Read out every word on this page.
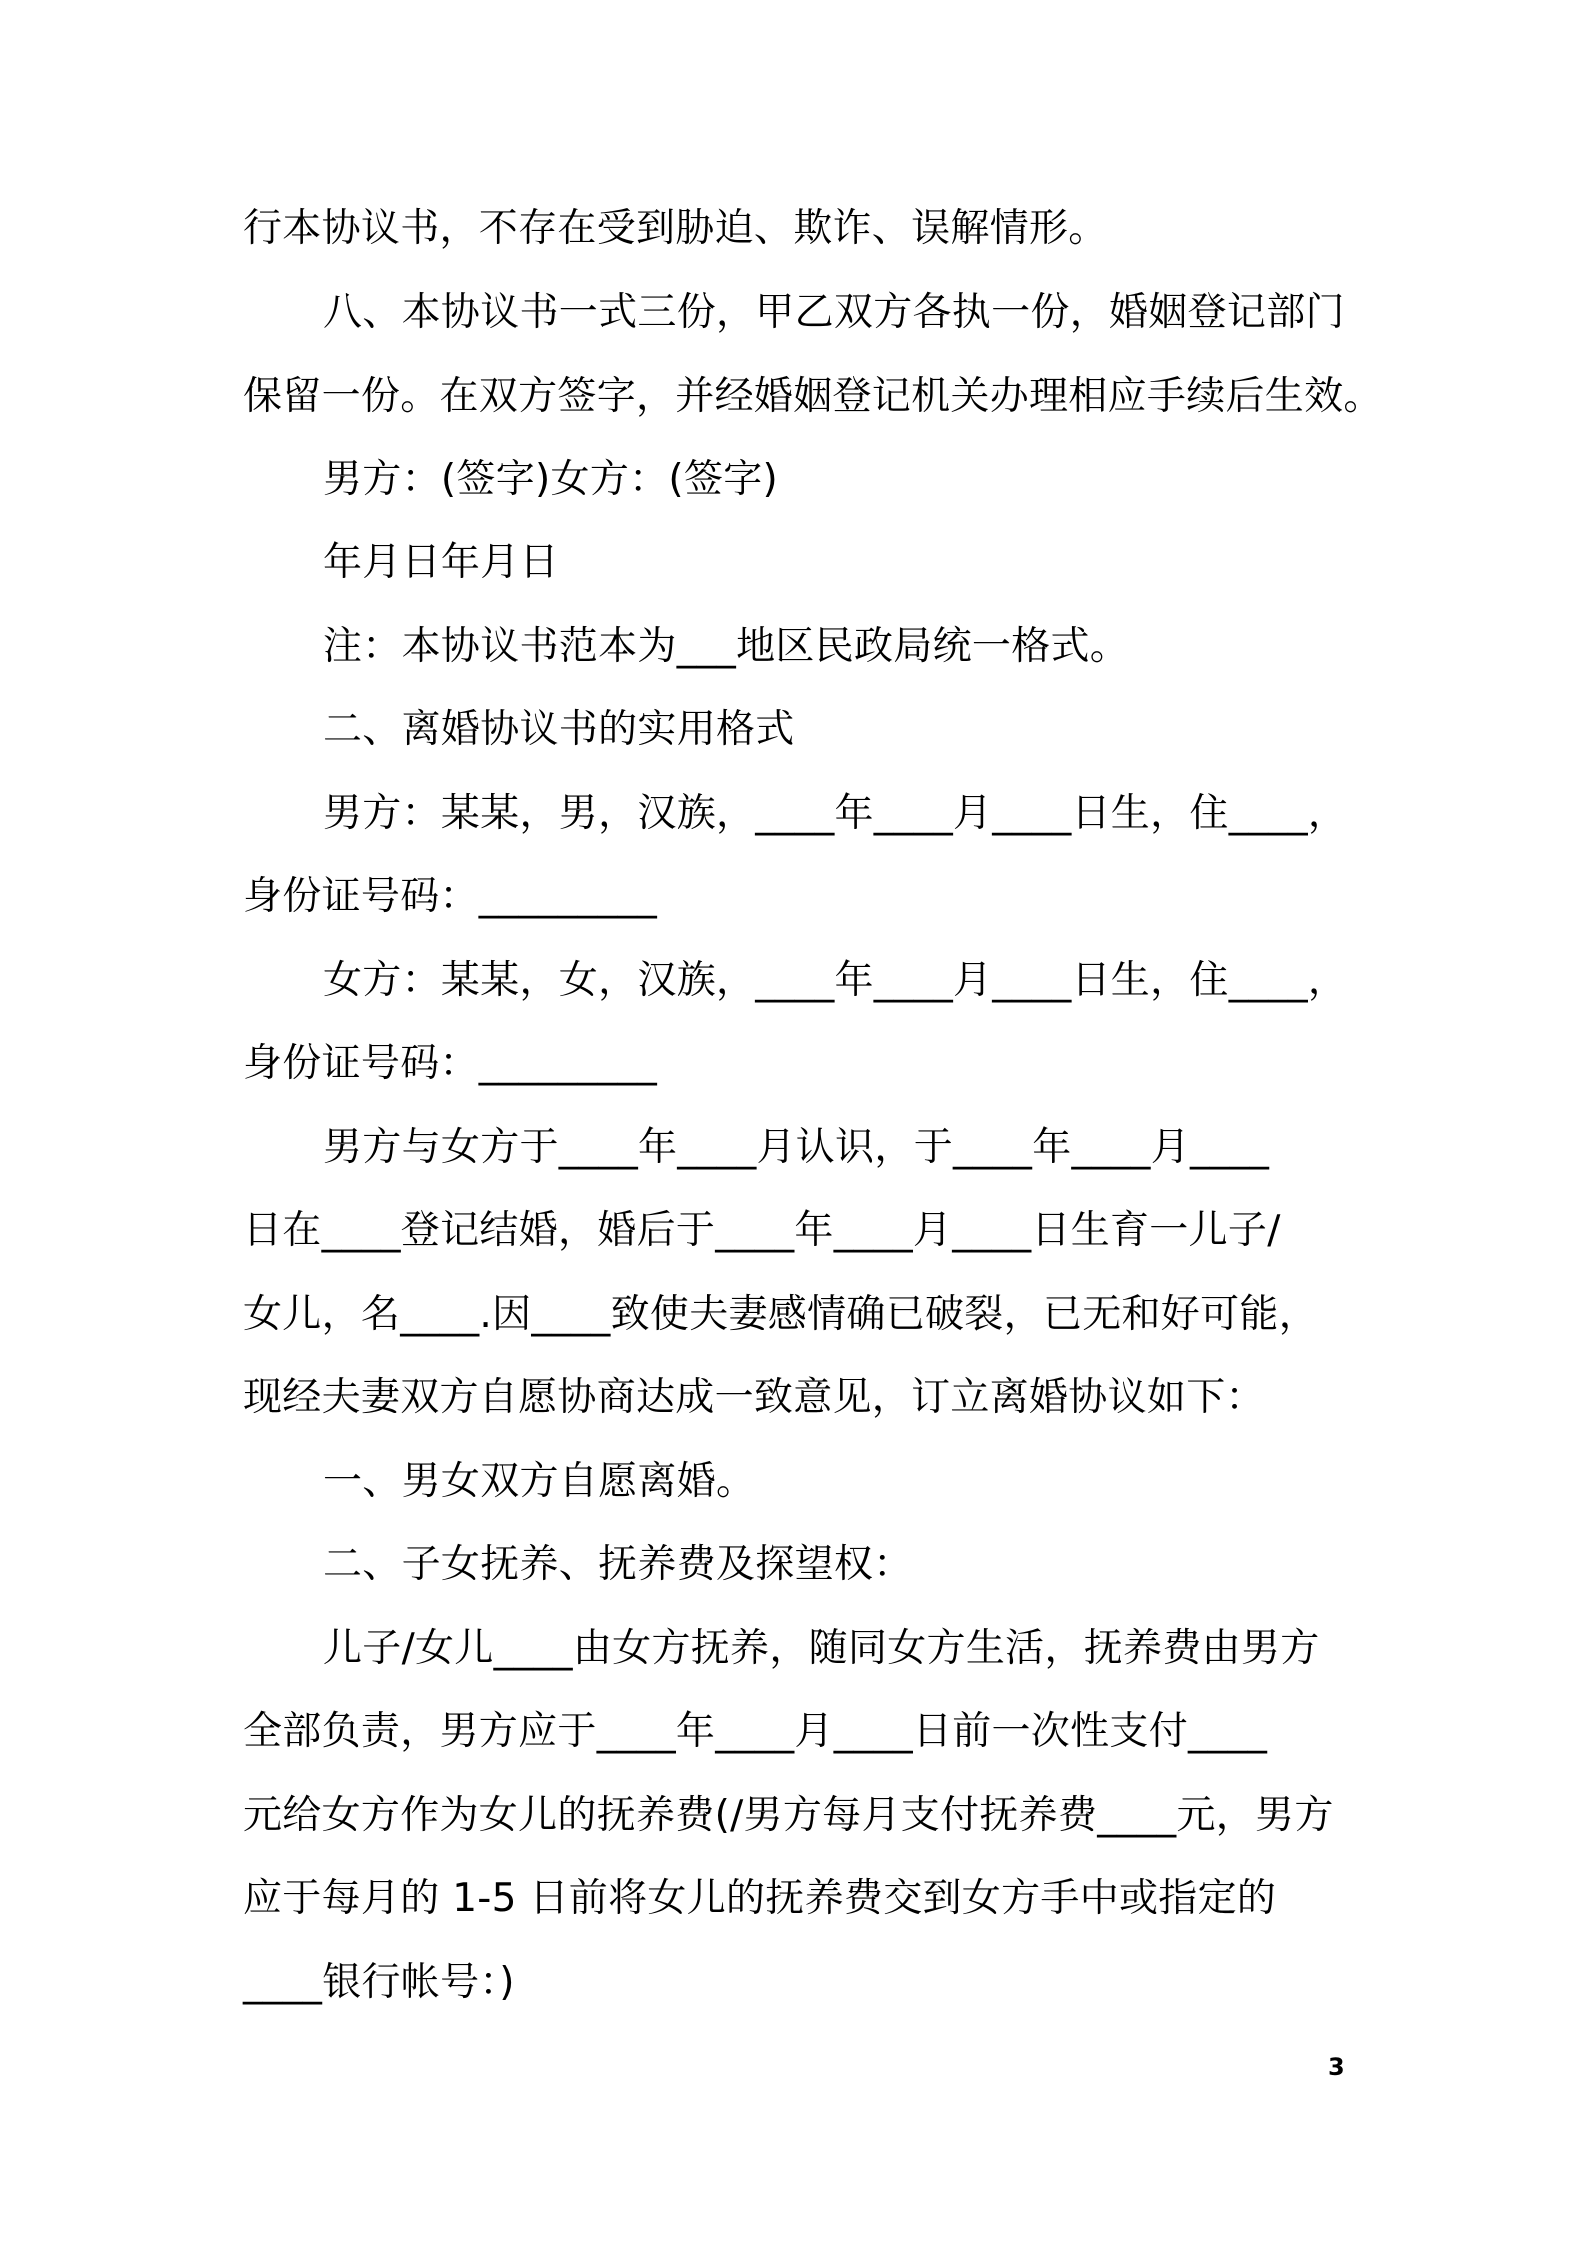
行本协议书，不存在受到胁迫、欺诈、误解情形。
八、本协议书一式三份，甲乙双方各执一份，婚姻登记部门
保留一份。在双方签字，并经婚姻登记机关办理相应手续后生效。
男方：(签字)女方：(签字)
年月日年月日
注：本协议书范本为___地区民政局统一格式。
二、离婚协议书的实用格式
男方：某某，男，汉族，____年____月____日生，住____，
身份证号码：_________
女方：某某，女，汉族，____年____月____日生，住____，
身份证号码：_________
男方与女方于____年____月认识，于____年____月____
日在____登记结婚，婚后于____年____月____日生育一儿子/
女儿，名____.因____致使夫妻感情确已破裂，已无和好可能，
现经夫妻双方自愿协商达成一致意见，订立离婚协议如下：
一、男女双方自愿离婚。
二、子女抚养、抚养费及探望权：
儿子/女儿____由女方抚养，随同女方生活，抚养费由男方
全部负责，男方应于____年____月____日前一次性支付____
元给女方作为女儿的抚养费(/男方每月支付抚养费____元，男方
应于每月的 1-5 日前将女儿的抚养费交到女方手中或指定的
____银行帐号：)
3
